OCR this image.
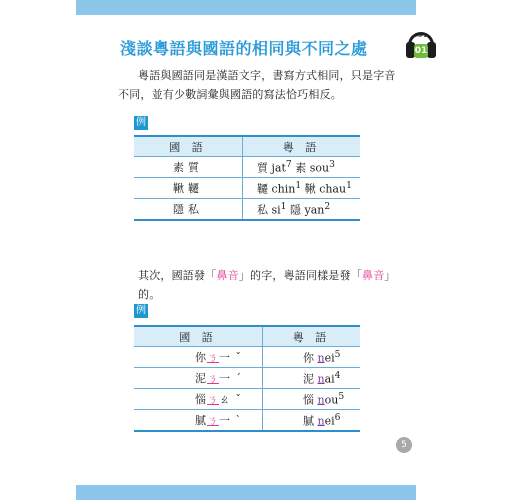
淺談粵語與國語的相同與不同之處
MP3
01
粵語與國語同是漢語文字，書寫方式相同，只是字音
不同，並有少數詞彙與國語的寫法恰巧相反。
例
國 語	粵 語
素質	質 jat$^7$ 素 sou$^3$
鞦韆	韆 chin$^1$ 鞦 chau$^1$
隱私	私 $si^1$ 隱 yan$^2$
其次，國語發「鼻音」的字，粵語同樣是發「鼻音」的。
例
國 語	粵 語
你ㄋ一 ˇ	你 nei$^5$
泥ㄋ一 ˊ	泥 nai$^4$
惱ㄋㄠ ˇ	惱 nou$^5$
膩ㄋ一 ˋ	膩 nei$^6$
5
